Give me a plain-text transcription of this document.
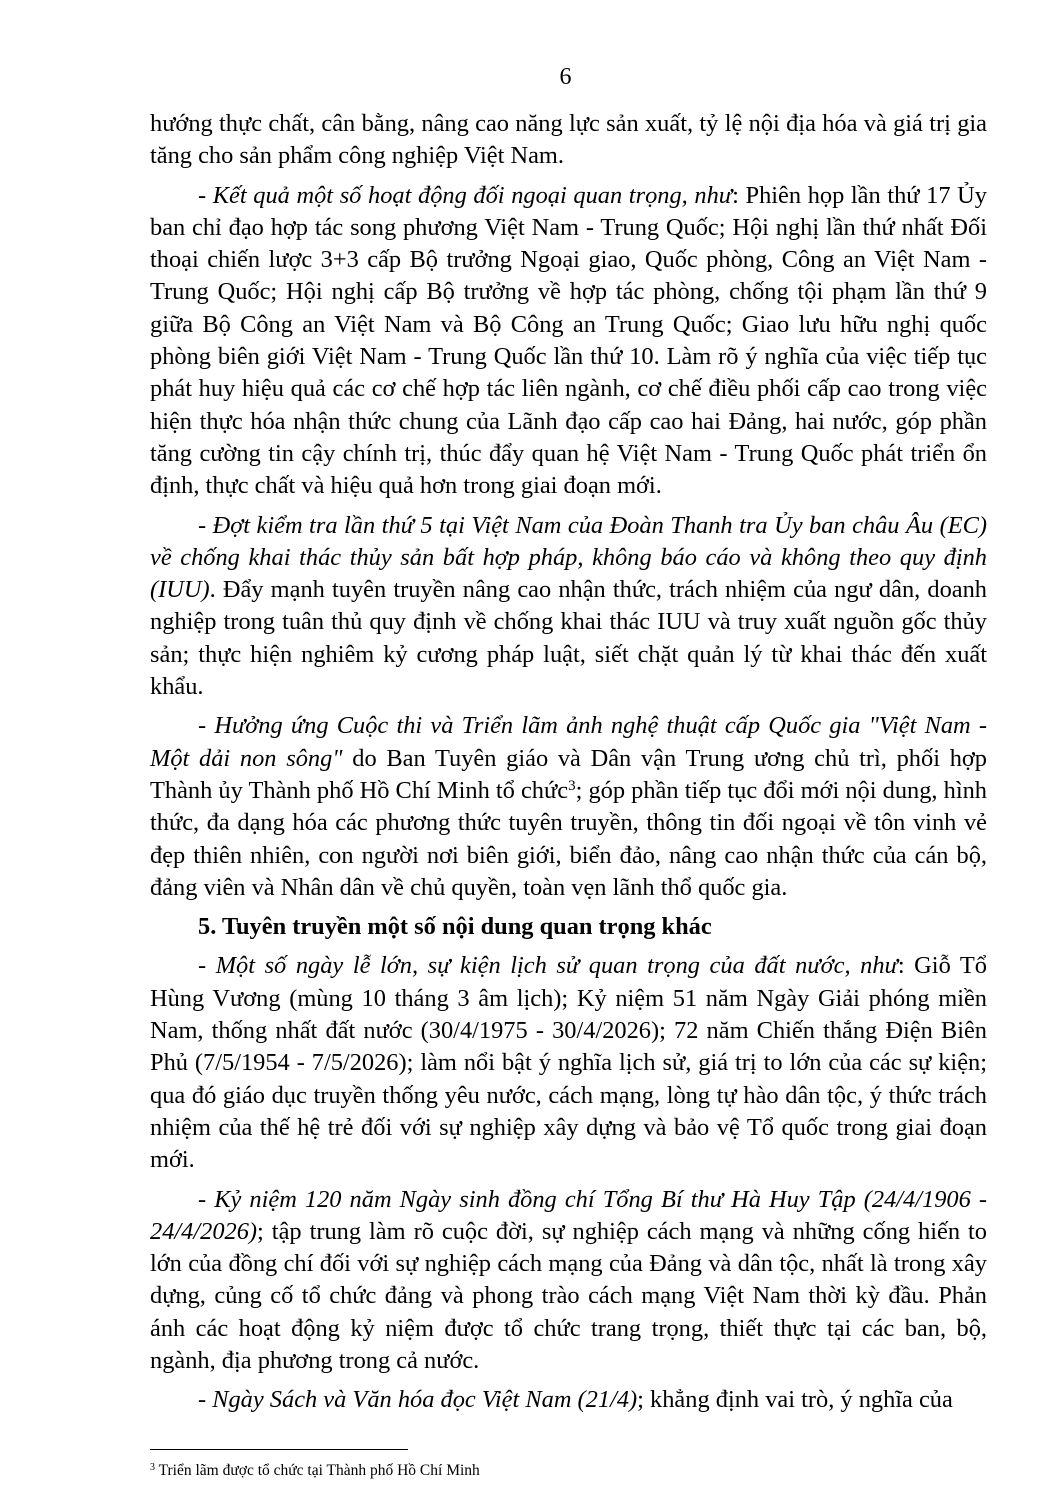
6

hướng thực chất, cân bằng, nâng cao năng lực sản xuất, tỷ lệ nội địa hóa và giá trị gia tăng cho sản phẩm công nghiệp Việt Nam.

- Kết quả một số hoạt động đối ngoại quan trọng, như: Phiên họp lần thứ 17 Ủy ban chỉ đạo hợp tác song phương Việt Nam - Trung Quốc; Hội nghị lần thứ nhất Đối thoại chiến lược 3+3 cấp Bộ trưởng Ngoại giao, Quốc phòng, Công an Việt Nam - Trung Quốc; Hội nghị cấp Bộ trưởng về hợp tác phòng, chống tội phạm lần thứ 9 giữa Bộ Công an Việt Nam và Bộ Công an Trung Quốc; Giao lưu hữu nghị quốc phòng biên giới Việt Nam - Trung Quốc lần thứ 10. Làm rõ ý nghĩa của việc tiếp tục phát huy hiệu quả các cơ chế hợp tác liên ngành, cơ chế điều phối cấp cao trong việc hiện thực hóa nhận thức chung của Lãnh đạo cấp cao hai Đảng, hai nước, góp phần tăng cường tin cậy chính trị, thúc đẩy quan hệ Việt Nam - Trung Quốc phát triển ổn định, thực chất và hiệu quả hơn trong giai đoạn mới.

- Đợt kiểm tra lần thứ 5 tại Việt Nam của Đoàn Thanh tra Ủy ban châu Âu (EC) về chống khai thác thủy sản bất hợp pháp, không báo cáo và không theo quy định (IUU). Đẩy mạnh tuyên truyền nâng cao nhận thức, trách nhiệm của ngư dân, doanh nghiệp trong tuân thủ quy định về chống khai thác IUU và truy xuất nguồn gốc thủy sản; thực hiện nghiêm kỷ cương pháp luật, siết chặt quản lý từ khai thác đến xuất khẩu.

- Hưởng ứng Cuộc thi và Triển lãm ảnh nghệ thuật cấp Quốc gia "Việt Nam - Một dải non sông" do Ban Tuyên giáo và Dân vận Trung ương chủ trì, phối hợp Thành ủy Thành phố Hồ Chí Minh tổ chức$^3$; góp phần tiếp tục đổi mới nội dung, hình thức, đa dạng hóa các phương thức tuyên truyền, thông tin đối ngoại về tôn vinh vẻ đẹp thiên nhiên, con người nơi biên giới, biển đảo, nâng cao nhận thức của cán bộ, đảng viên và Nhân dân về chủ quyền, toàn vẹn lãnh thổ quốc gia.

5. Tuyên truyền một số nội dung quan trọng khác

- Một số ngày lễ lớn, sự kiện lịch sử quan trọng của đất nước, như: Giỗ Tổ Hùng Vương (mùng 10 tháng 3 âm lịch); Kỷ niệm 51 năm Ngày Giải phóng miền Nam, thống nhất đất nước (30/4/1975 - 30/4/2026); 72 năm Chiến thắng Điện Biên Phủ (7/5/1954 - 7/5/2026); làm nổi bật ý nghĩa lịch sử, giá trị to lớn của các sự kiện; qua đó giáo dục truyền thống yêu nước, cách mạng, lòng tự hào dân tộc, ý thức trách nhiệm của thế hệ trẻ đối với sự nghiệp xây dựng và bảo vệ Tổ quốc trong giai đoạn mới.

- Kỷ niệm 120 năm Ngày sinh đồng chí Tổng Bí thư Hà Huy Tập (24/4/1906 - 24/4/2026); tập trung làm rõ cuộc đời, sự nghiệp cách mạng và những cống hiến to lớn của đồng chí đối với sự nghiệp cách mạng của Đảng và dân tộc, nhất là trong xây dựng, củng cố tổ chức đảng và phong trào cách mạng Việt Nam thời kỳ đầu. Phản ánh các hoạt động kỷ niệm được tổ chức trang trọng, thiết thực tại các ban, bộ, ngành, địa phương trong cả nước.

- Ngày Sách và Văn hóa đọc Việt Nam (21/4); khẳng định vai trò, ý nghĩa của

$^3$ Triển lãm được tổ chức tại Thành phố Hồ Chí Minh
